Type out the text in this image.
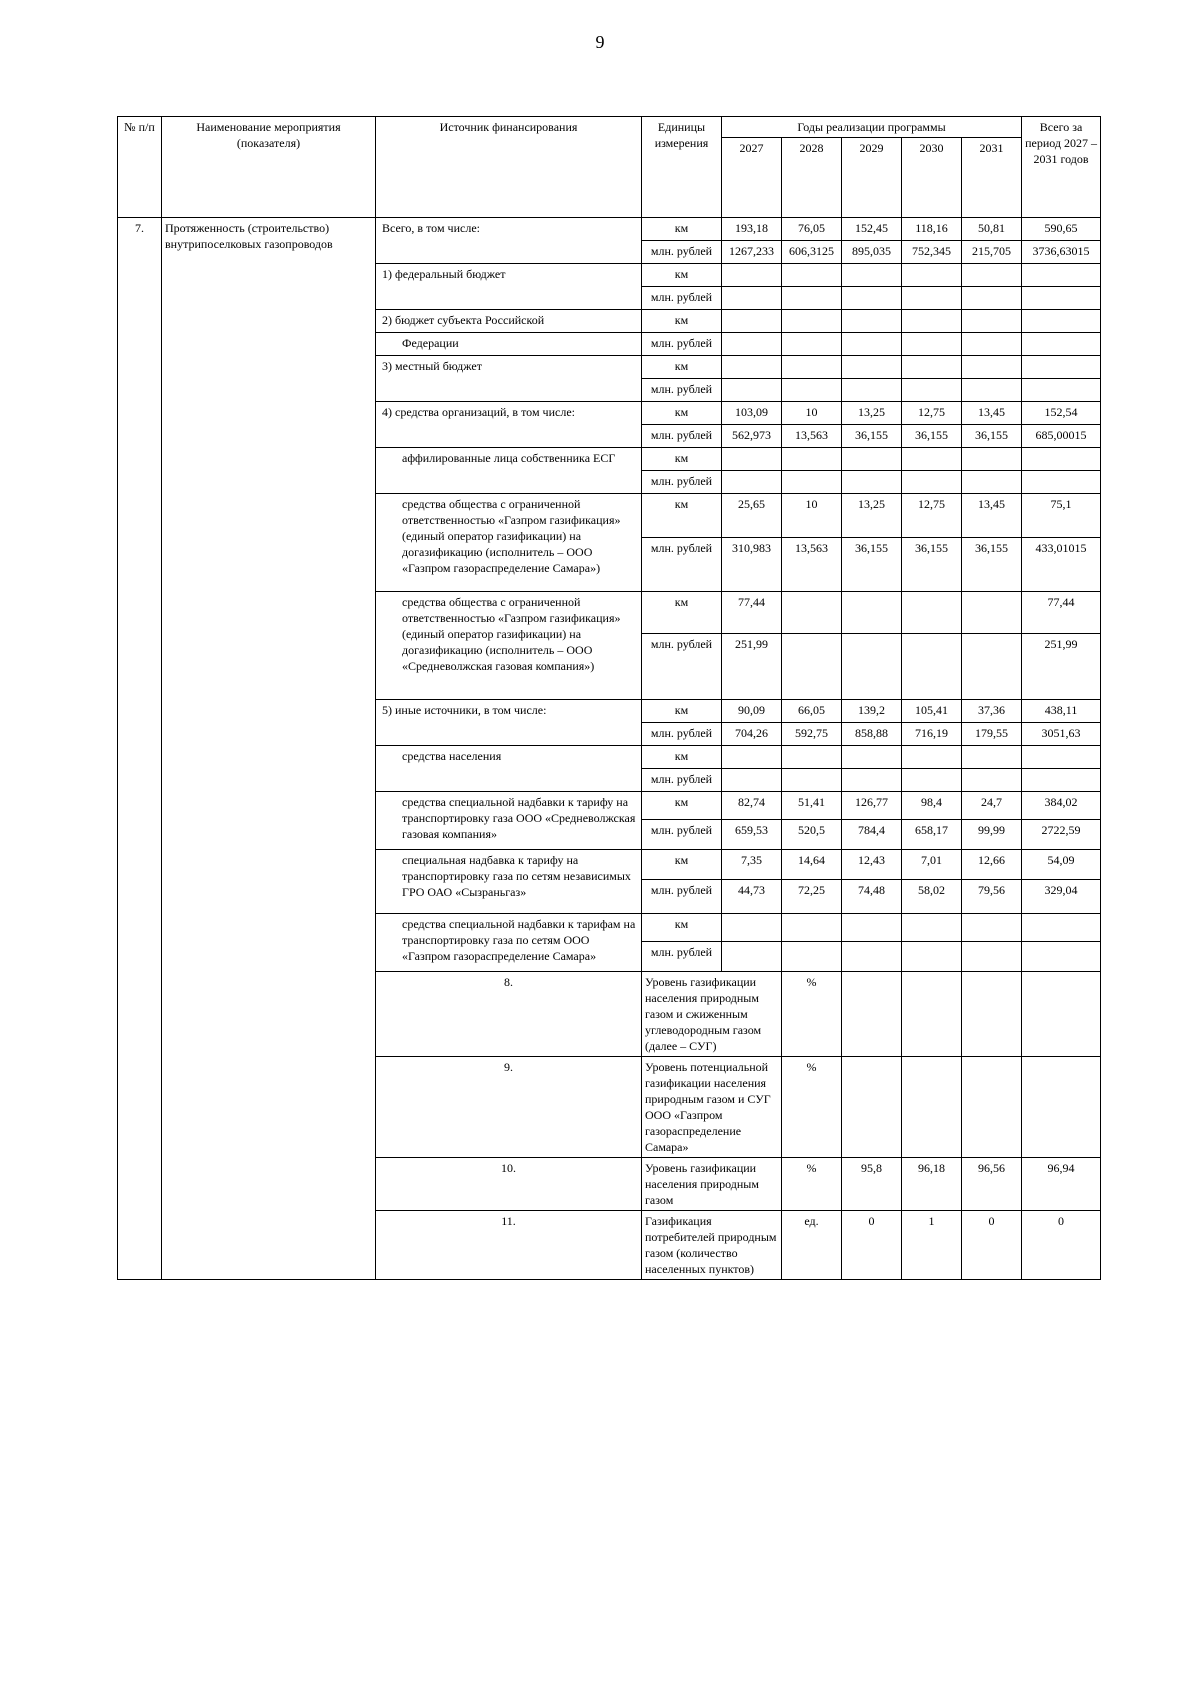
9
№ п/п	Наименование мероприятия (показателя)	Источник финансирования	Единицы измерения	Годы реализации программы					Всего за период 2027 – 2031 годов	
				2027	2028	2029	2030	2031		
7.	Протяженность (строительство) внутрипоселковых газопроводов	Всего, в том числе:	км	193,18	76,05	152,45	118,16	50,81	590,65	
			млн. рублей	1267,233	606,3125	895,035	752,345	215,705	3736,63015	
		1) федеральный бюджет	км							
			млн. рублей							
		2) бюджет субъекта Российской	км							
		Федерации	млн. рублей							
		3) местный бюджет	км							
			млн. рублей							
		4) средства организаций, в том числе:	км	103,09	10	13,25	12,75	13,45	152,54	
			млн. рублей	562,973	13,563	36,155	36,155	36,155	685,00015	
		аффилированные лица собственника ЕСГ	км							
			млн. рублей							
		средства общества с ограниченной ответственностью «Газпром газификация» (единый оператор газификации) на догазификацию (исполнитель – ООО «Газпром газораспределение Самара»)	км	25,65	10	13,25	12,75	13,45	75,1	
			млн. рублей	310,983	13,563	36,155	36,155	36,155	433,01015	
		средства общества с ограниченной ответственностью «Газпром газификация» (единый оператор газификации) на догазификацию (исполнитель – ООО «Средневолжская газовая компания»)	км	77,44					77,44	
			млн. рублей	251,99					251,99	
		5) иные источники, в том числе:	км	90,09	66,05	139,2	105,41	37,36	438,11	
			млн. рублей	704,26	592,75	858,88	716,19	179,55	3051,63	
		средства населения	км							
			млн. рублей							
		средства специальной надбавки к тарифу на транспортировку газа ООО «Средневолжская газовая компания»	км	82,74	51,41	126,77	98,4	24,7	384,02	
			млн. рублей	659,53	520,5	784,4	658,17	99,99	2722,59	
		специальная надбавка к тарифу на транспортировку газа по сетям независимых ГРО ОАО «Сызраньгаз»	км	7,35	14,64	12,43	7,01	12,66	54,09	
			млн. рублей	44,73	72,25	74,48	58,02	79,56	329,04	
		средства специальной надбавки к тарифам на транспортировку газа по сетям ООО «Газпром газораспределение Самара»	км							
			млн. рублей							
		8.	Уровень газификации населения природным газом и сжиженным углеводородным газом (далее – СУГ)		%						
		9.	Уровень потенциальной газификации населения природным газом и СУГ ООО «Газпром газораспределение Самара»		%						
		10.	Уровень газификации населения природным газом		%	95,8	96,18	96,56	96,94		
		11.	Газификация потребителей природным газом (количество населенных пунктов)		ед.	0	1	0	0		
